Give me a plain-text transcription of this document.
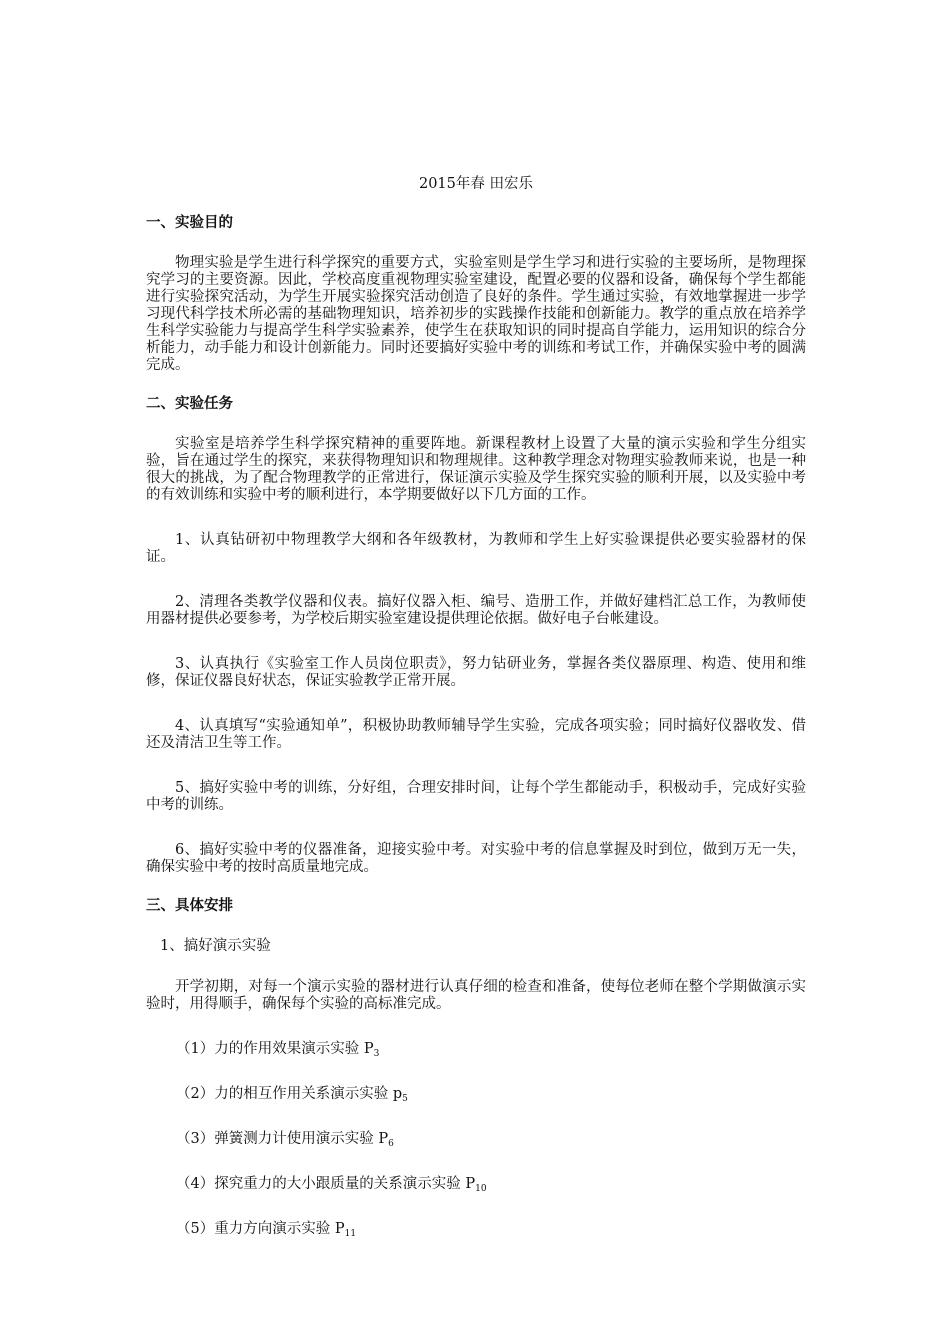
2015年春 田宏乐
一、实验目的

物理实验是学生进行科学探究的重要方式，实验室则是学生学习和进行实验的主要场所，是物理探究学习的主要资源。因此，学校高度重视物理实验室建设，配置必要的仪器和设备，确保每个学生都能进行实验探究活动，为学生开展实验探究活动创造了良好的条件。学生通过实验，有效地掌握进一步学习现代科学技术所必需的基础物理知识，培养初步的实践操作技能和创新能力。教学的重点放在培养学生科学实验能力与提高学生科学实验素养，使学生在获取知识的同时提高自学能力，运用知识的综合分析能力，动手能力和设计创新能力。同时还要搞好实验中考的训练和考试工作，并确保实验中考的圆满完成。

二、实验任务

实验室是培养学生科学探究精神的重要阵地。新课程教材上设置了大量的演示实验和学生分组实验，旨在通过学生的探究，来获得物理知识和物理规律。这种教学理念对物理实验教师来说，也是一种很大的挑战，为了配合物理教学的正常进行，保证演示实验及学生探究实验的顺利开展，以及实验中考的有效训练和实验中考的顺利进行，本学期要做好以下几方面的工作。

1、认真钻研初中物理教学大纲和各年级教材，为教师和学生上好实验课提供必要实验器材的保证。

2、清理各类教学仪器和仪表。搞好仪器入柜、编号、造册工作，并做好建档汇总工作，为教师使用器材提供必要参考，为学校后期实验室建设提供理论依据。做好电子台帐建设。

3、认真执行《实验室工作人员岗位职责》，努力钻研业务，掌握各类仪器原理、构造、使用和维修，保证仪器良好状态，保证实验教学正常开展。

4、认真填写“实验通知单”，积极协助教师辅导学生实验，完成各项实验；同时搞好仪器收发、借还及清洁卫生等工作。

5、搞好实验中考的训练，分好组，合理安排时间，让每个学生都能动手，积极动手，完成好实验中考的训练。

6、搞好实验中考的仪器准备，迎接实验中考。对实验中考的信息掌握及时到位，做到万无一失，确保实验中考的按时高质量地完成。

三、具体安排
1、搞好演示实验

开学初期，对每一个演示实验的器材进行认真仔细的检查和准备，使每位老师在整个学期做演示实验时，用得顺手，确保每个实验的高标准完成。

（1）力的作用效果演示实验 $P_3$
（2）力的相互作用关系演示实验 $p_5$
（3）弹簧测力计使用演示实验 $P_6$
（4）探究重力的大小跟质量的关系演示实验 $P_{10}$
（5）重力方向演示实验 $P_{11}$
